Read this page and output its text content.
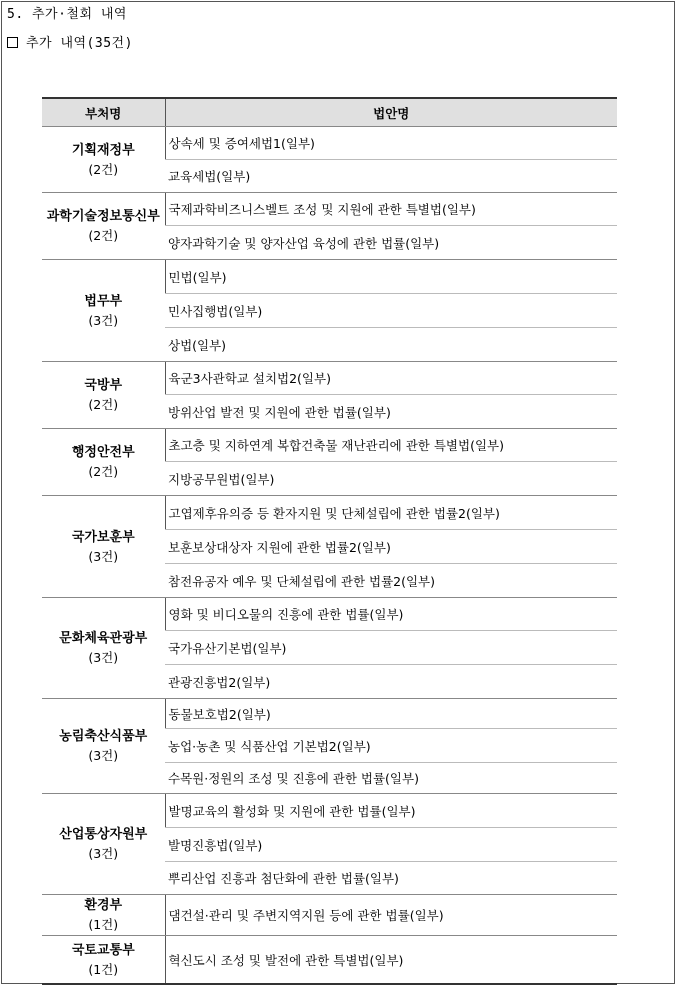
5. 추가·철회 내역
추가 내역(35건)
부처명	법안명

기획재정부
(2건)	상속세 및 증여세법1(일부)
	교육세법(일부)

과학기술정보통신부
(2건)	국제과학비즈니스벨트 조성 및 지원에 관한 특별법(일부)
	양자과학기술 및 양자산업 육성에 관한 법률(일부)

법무부
(3건)	민법(일부)
	민사집행법(일부)
	상법(일부)

국방부
(2건)	육군3사관학교 설치법2(일부)
	방위산업 발전 및 지원에 관한 법률(일부)

행정안전부
(2건)	초고층 및 지하연계 복합건축물 재난관리에 관한 특별법(일부)
	지방공무원법(일부)

국가보훈부
(3건)	고엽제후유의증 등 환자지원 및 단체설립에 관한 법률2(일부)
	보훈보상대상자 지원에 관한 법률2(일부)
	참전유공자 예우 및 단체설립에 관한 법률2(일부)

문화체육관광부
(3건)	영화 및 비디오물의 진흥에 관한 법률(일부)
	국가유산기본법(일부)
	관광진흥법2(일부)

농림축산식품부
(3건)	동물보호법2(일부)
	농업·농촌 및 식품산업 기본법2(일부)
	수목원·정원의 조성 및 진흥에 관한 법률(일부)

산업통상자원부
(3건)	발명교육의 활성화 및 지원에 관한 법률(일부)
	발명진흥법(일부)
	뿌리산업 진흥과 첨단화에 관한 법률(일부)

환경부
(1건)	댐건설·관리 및 주변지역지원 등에 관한 법률(일부)

국토교통부
(1건)	혁신도시 조성 및 발전에 관한 특별법(일부)
